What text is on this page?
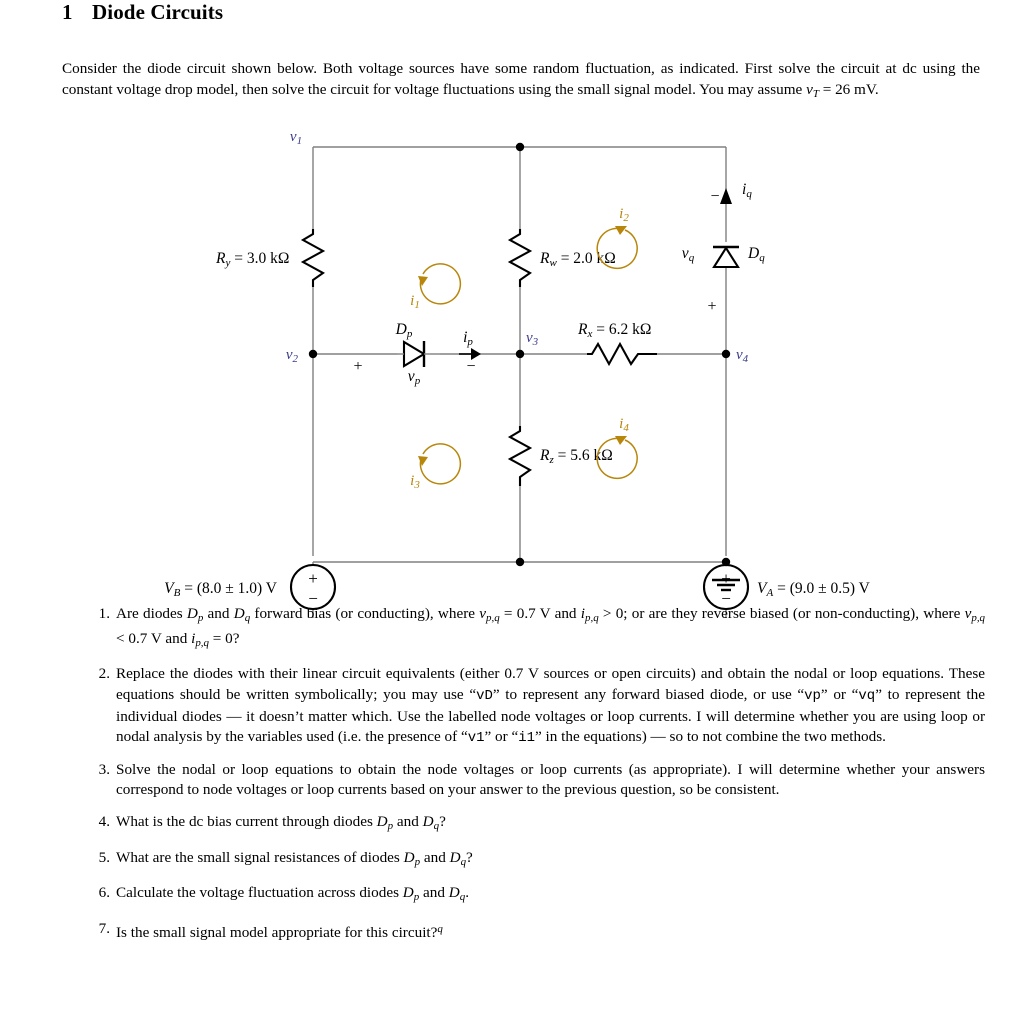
1 Diode Circuits

Consider the diode circuit shown below. Both voltage sources have some random fluctuation, as indicated. First solve the circuit at dc using the constant voltage drop model, then solve the circuit for voltage fluctuations using the small signal model. You may assume $v_T = 26$ mV.

Ry = 3.0 kΩ	Rw = 2.0 kΩ
Rz = 5.6 kΩ
Rx = 6.2 kΩ
Dp
vp
+	−
ip
Dq
vq
+
− iq
+
−
VB = (8.0 ± 1.0) V
+
−
VA = (9.0 ± 0.5) V
$v_1$
$v_2$
$v_3$
$v_4$
$i_1$
$i_2$
$i_3$
$i_4$
1. Are diodes $D_p$ and $D_q$ forward bias (or conducting), where $v_{p,q} = 0.7$ V and $i_{p,q} > 0$; or are they reverse biased (or non-conducting), where $v_{p,q} < 0.7$ V and $i_{p,q} = 0$?
2. Replace the diodes with their linear circuit equivalents (either 0.7 V sources or open circuits) and obtain the nodal or loop equations. These equations should be written symbolically; you may use “vD” to represent any forward biased diode, or use “vp” or “vq” to represent the individual diodes — it doesn’t matter which. Use the labelled node voltages or loop currents. I will determine whether you are using loop or nodal analysis by the variables used (i.e. the presence of “v1” or “i1” in the equations) — so to not combine the two methods.
3. Solve the nodal or loop equations to obtain the node voltages or loop currents (as appropriate). I will determine whether your answers correspond to node voltages or loop currents based on your answer to the previous question, so be consistent.
4. What is the dc bias current through diodes $D_p$ and $D_q$?
5. What are the small signal resistances of diodes $D_p$ and $D_q$?
6. Calculate the voltage fluctuation across diodes $D_p$ and $D_q$.
7. Is the small signal model appropriate for this circuit?$^q$
